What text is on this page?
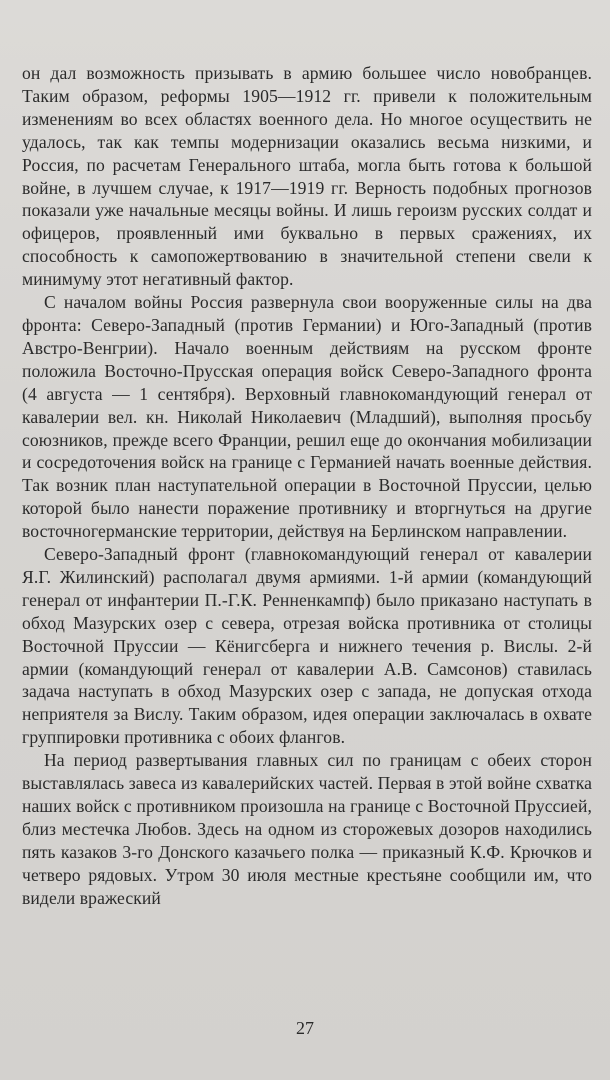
он дал возможность призывать в армию большее число новобранцев. Таким образом, реформы 1905—1912 гг. привели к положительным изменениям во всех областях военного дела. Но многое осуществить не удалось, так как темпы модернизации оказались весьма низкими, и Россия, по расчетам Генерального штаба, могла быть готова к большой войне, в лучшем случае, к 1917—1919 гг. Верность подобных прогнозов показали уже начальные месяцы войны. И лишь героизм русских солдат и офицеров, проявленный ими буквально в первых сражениях, их способность к самопожертвованию в значительной степени свели к минимуму этот негативный фактор.

С началом войны Россия развернула свои вооруженные силы на два фронта: Северо-Западный (против Германии) и Юго-Западный (против Австро-Венгрии). Начало военным действиям на русском фронте положила Восточно-Прусская операция войск Северо-Западного фронта (4 августа — 1 сентября). Верховный главнокомандующий генерал от кавалерии вел. кн. Николай Николаевич (Младший), выполняя просьбу союзников, прежде всего Франции, решил еще до окончания мобилизации и сосредоточения войск на границе с Германией начать военные действия. Так возник план наступательной операции в Восточной Пруссии, целью которой было нанести поражение противнику и вторгнуться на другие восточногерманские территории, действуя на Берлинском направлении.

Северо-Западный фронт (главнокомандующий генерал от кавалерии Я.Г. Жилинский) располагал двумя армиями. 1-й армии (командующий генерал от инфантерии П.-Г.К. Ренненкампф) было приказано наступать в обход Мазурских озер с севера, отрезая войска противника от столицы Восточной Пруссии — Кёнигсберга и нижнего течения р. Вислы. 2-й армии (командующий генерал от кавалерии А.В. Самсонов) ставилась задача наступать в обход Мазурских озер с запада, не допуская отхода неприятеля за Вислу. Таким образом, идея операции заключалась в охвате группировки противника с обоих флангов.

На период развертывания главных сил по границам с обеих сторон выставлялась завеса из кавалерийских частей. Первая в этой войне схватка наших войск с противником произошла на границе с Восточной Пруссией, близ местечка Любов. Здесь на одном из сторожевых дозоров находились пять казаков 3-го Донского казачьего полка — приказный К.Ф. Крючков и четверо рядовых. Утром 30 июля местные крестьяне сообщили им, что видели вражеский

27
